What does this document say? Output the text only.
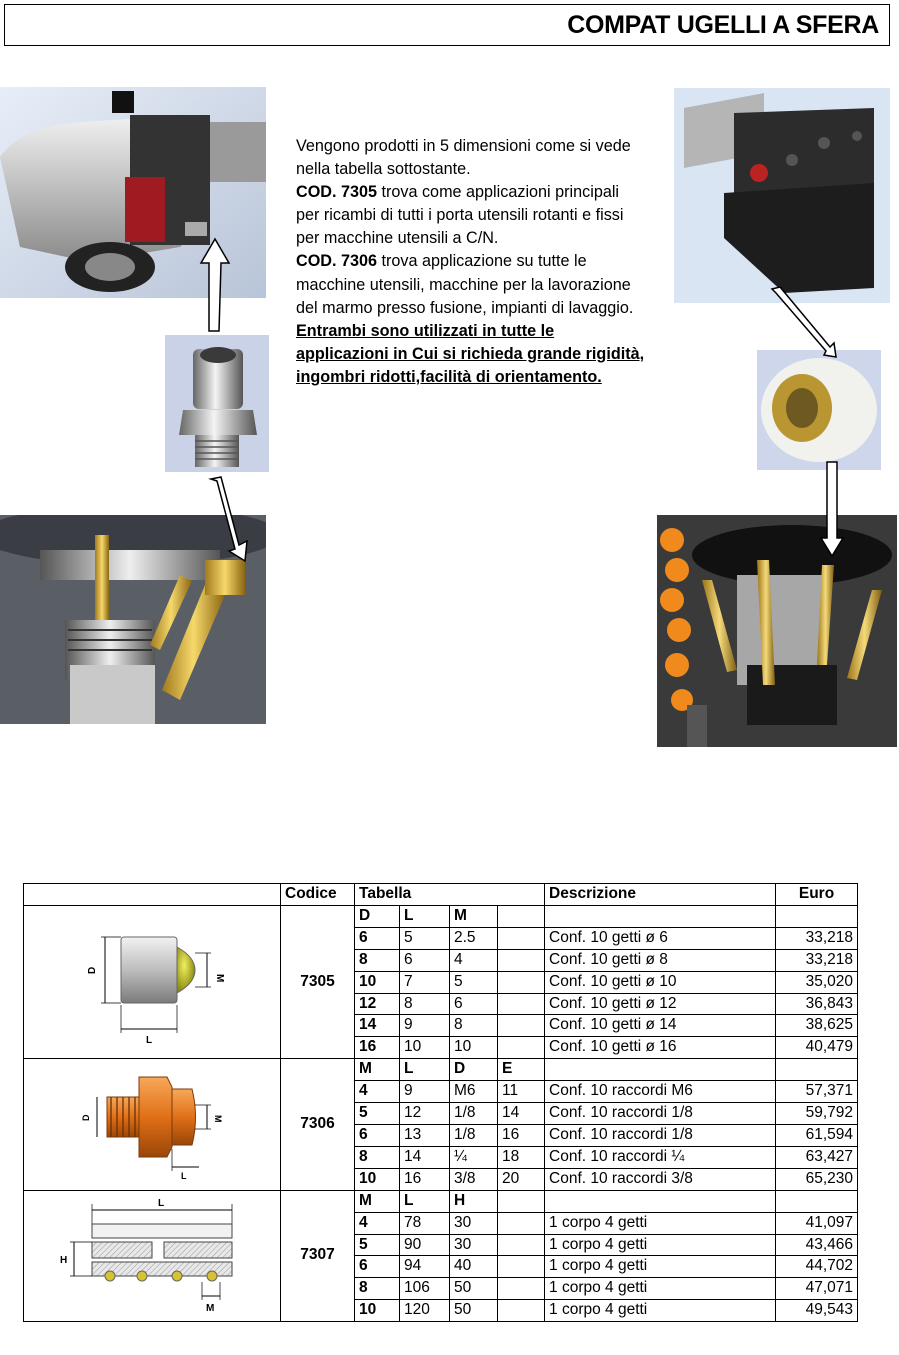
COMPAT UGELLI A SFERA

Vengono prodotti in 5 dimensioni come si vede

nella tabella sottostante.

COD. 7305 trova come applicazioni principali per ricambi di tutti i porta utensili rotanti e fissi per macchine utensili a C/N.

COD. 7306 trova applicazione su tutte le macchine utensili, macchine per la lavorazione del marmo presso fusione, impianti di lavaggio.

Entrambi sono utilizzati in tutte le applicazioni in Cui si richieda grande rigidità, ingombri ridotti,facilità di orientamento.

	Codice	Tabella				Descrizione	Euro

D
M
L	7305	D	L	M			
		6	5	2.5		Conf. 10 getti ø 6	33,218
		8	6	4		Conf. 10 getti ø 8	33,218
		10	7	5		Conf. 10 getti ø 10	35,020
		12	8	6		Conf. 10 getti ø 12	36,843
		14	9	8		Conf. 10 getti ø 14	38,625
		16	10	10		Conf. 10 getti ø 16	40,479

D M
L	7306	M	L	D	E		
		4	9	M6	11	Conf. 10 raccordi M6	57,371
		5	12	1/8	14	Conf. 10 raccordi 1/8	59,792
		6	13	1/8	16	Conf. 10 raccordi 1/8	61,594
		8	14	¼	18	Conf. 10 raccordi ¼	63,427
		10	16	3/8	20	Conf. 10 raccordi 3/8	65,230

L
H
M	7307	M	L	H			
		4	78	30		1 corpo 4 getti	41,097
		5	90	30		1 corpo 4 getti	43,466
		6	94	40		1 corpo 4 getti	44,702
		8	106	50		1 corpo 4 getti	47,071
		10	120	50		1 corpo 4 getti	49,543
